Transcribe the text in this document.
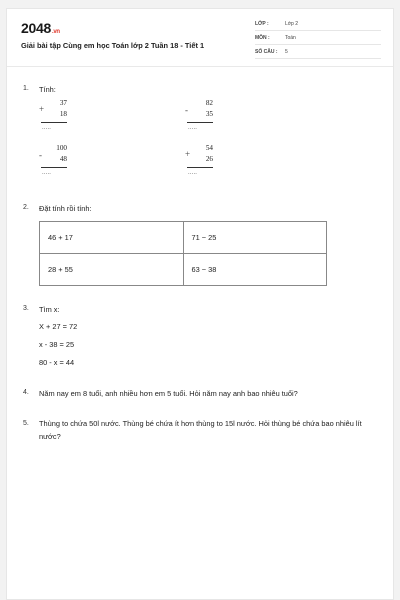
2048.vn
Giải bài tập Cùng em học Toán lớp 2 Tuần 18 - Tiết 1
LỚP :	Lớp 2
MÔN :	Toán
SỐ CÂU : 5
1. Tính:
+
37
18
.....
-
82
35
.....
-
100
48
.....
+
54
26
.....
2. Đặt tính rồi tính:
46 + 17	71 − 25
28 + 55	63 − 38
3. Tìm x:
X + 27 = 72
x - 38 = 25
80 - x = 44
4. Năm nay em 8 tuổi, anh nhiều hơn em 5 tuổi. Hỏi năm nay anh bao nhiêu tuổi?
5. Thùng to chứa 50l nước. Thùng bé chứa ít hơn thùng to 15l nước. Hỏi thùng bé chứa bao nhiêu lít nước?
